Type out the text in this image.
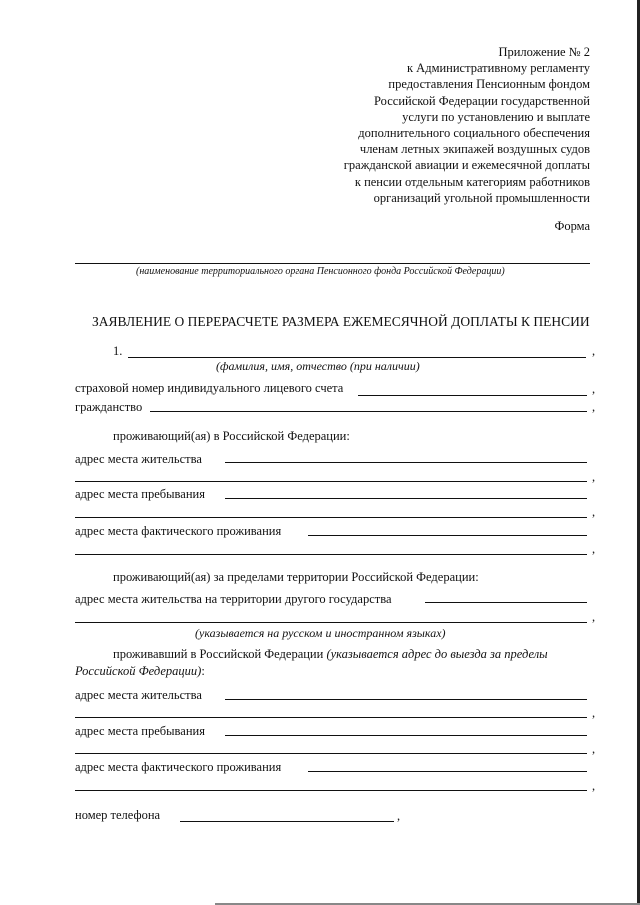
Приложение № 2
к Административному регламенту
предоставления Пенсионным фондом
Российской Федерации государственной
услуги по установлению и выплате
дополнительного социального обеспечения
членам летных экипажей воздушных судов
гражданской авиации и ежемесячной доплаты
к пенсии отдельным категориям работников
организаций угольной промышленности
Форма
(наименование территориального органа Пенсионного фонда Российской Федерации)
ЗАЯВЛЕНИЕ О ПЕРЕРАСЧЕТЕ РАЗМЕРА ЕЖЕМЕСЯЧНОЙ ДОПЛАТЫ К ПЕНСИИ
1.	,
(фамилия, имя, отчество (при наличии)
страховой номер индивидуального лицевого счета	,
гражданство	,
проживающий(ая) в Российской Федерации:
адрес места жительства
,
адрес места пребывания
,
адрес места фактического проживания
,
проживающий(ая) за пределами территории Российской Федерации:
адрес места жительства на территории другого государства
,
(указывается на русском и иностранном языках)
проживавший в Российской Федерации (указывается адрес до выезда за пределы
Российской Федерации):
адрес места жительства
,
адрес места пребывания
,
адрес места фактического проживания
,
номер телефона	,
